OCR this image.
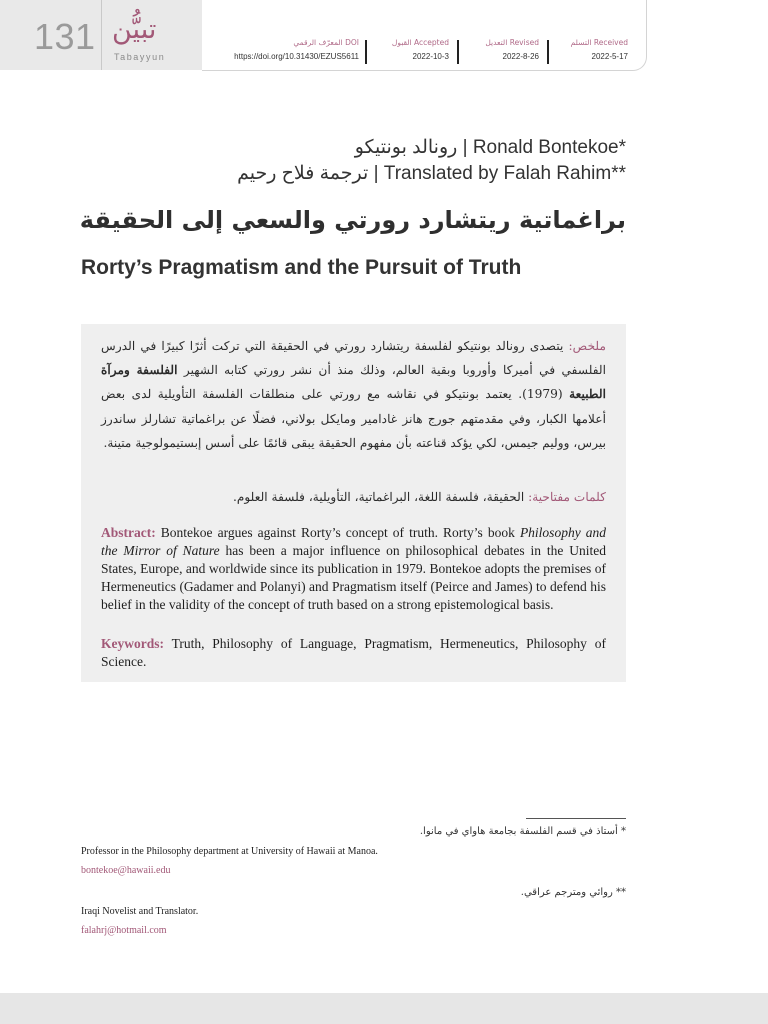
131 تبيُّن
Tabayyun
التسلم Received
2022-5-17
التعديل Revised
2022-8-26
القبول Accepted
2022-10-3
المعرّف الرقمي DOI
https://doi.org/10.31430/EZUS5611
رونالد بونتيكو | Ronald Bontekoe*
ترجمة فلاح رحيم | Translated by Falah Rahim**
براغماتية ريتشارد رورتي والسعي إلى الحقيقة
Rorty’s Pragmatism and the Pursuit of Truth
ملخص: يتصدى رونالد بونتيكو لفلسفة ريتشارد رورتي في الحقيقة التي تركت أثرًا كبيرًا في الدرس الفلسفي في أميركا وأوروبا وبقية العالم، وذلك منذ أن نشر رورتي كتابه الشهير الفلسفة ومرآة الطبيعة (1979). يعتمد بونتيكو في نقاشه مع رورتي على منطلقات الفلسفة التأويلية لدى بعض أعلامها الكبار، وفي مقدمتهم جورج هانز غادامير ومايكل بولاني، فضلًا عن براغماتية تشارلز ساندرز بيرس، ووليم جيمس، لكي يؤكد قناعته بأن مفهوم الحقيقة يبقى قائمًا على أسس إبستيمولوجية متينة.
كلمات مفتاحية: الحقيقة، فلسفة اللغة، البراغماتية، التأويلية، فلسفة العلوم.
Abstract: Bontekoe argues against Rorty’s concept of truth. Rorty’s book Philosophy and the Mirror of Nature has been a major influence on philosophical debates in the United States, Europe, and worldwide since its publication in 1979. Bontekoe adopts the premises of Hermeneutics (Gadamer and Polanyi) and Pragmatism itself (Peirce and James) to defend his belief in the validity of the concept of truth based on a strong epistemological basis.
Keywords: Truth, Philosophy of Language, Pragmatism, Hermeneutics, Philosophy of Science.
* أستاذ في قسم الفلسفة بجامعة هاواي في مانوا.
Professor in the Philosophy department at University of Hawaii at Manoa.
bontekoe@hawaii.edu
** روائي ومترجم عراقي.
Iraqi Novelist and Translator.
falahrj@hotmail.com
